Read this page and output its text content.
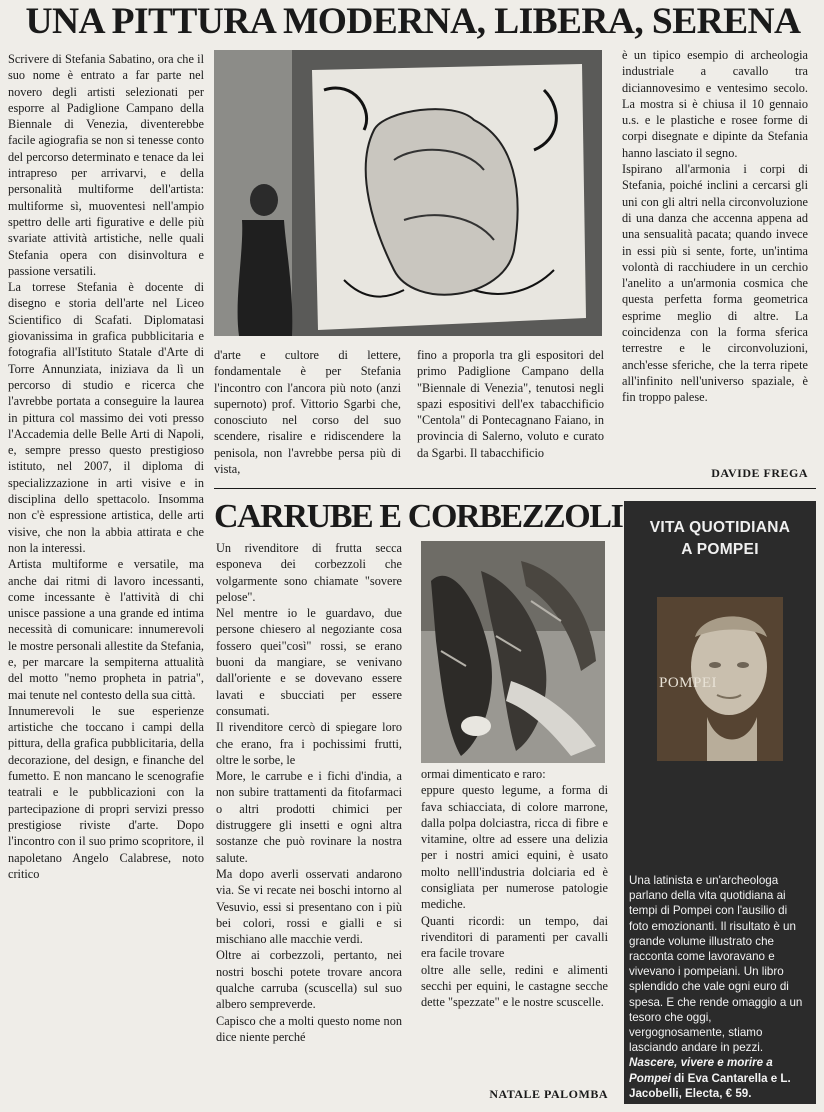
UNA PITTURA MODERNA, LIBERA, SERENA

Scrivere di Stefania Sabatino, ora che il suo nome è entrato a far parte nel novero degli artisti selezionati per esporre al Padiglione Campano della Biennale di Venezia, diventerebbe facile agiografia se non si tenesse conto del percorso determinato e tenace da lei intrapreso per arrivarvi, e della personalità multiforme dell'artista: multiforme sì, muoventesi nell'ampio spettro delle arti figurative e delle più svariate attività artistiche, nelle quali Stefania opera con disinvoltura e passione versatili.

La torrese Stefania è docente di disegno e storia dell'arte nel Liceo Scientifico di Scafati. Diplomatasi giovanissima in grafica pubblicitaria e fotografia all'Istituto Statale d'Arte di Torre Annunziata, iniziava da lì un percorso di studio e ricerca che l'avrebbe portata a conseguire la laurea in pittura col massimo dei voti presso l'Accademia delle Belle Arti di Napoli, e, sempre presso questo prestigioso istituto, nel 2007, il diploma di specializzazione in arti visive e in disciplina dello spettacolo. Insomma non c'è espressione artistica, delle arti visive, che non la abbia attirata e che non la interessi.

Artista multiforme e versatile, ma anche dai ritmi di lavoro incessanti, come incessante è l'attività di chi unisce passione a una grande ed intima necessità di comunicare: innumerevoli le mostre personali allestite da Stefania, e, per marcare la sempiterna attualità del motto "nemo propheta in patria", mai tenute nel contesto della sua città.

Innumerevoli le sue esperienze artistiche che toccano i campi della pittura, della grafica pubblicitaria, della decorazione, del design, e finanche del fumetto. E non mancano le scenografie teatrali e le pubblicazioni con la partecipazione di propri servizi presso prestigiose riviste d'arte. Dopo l'incontro con il suo primo scopritore, il napoletano Angelo Calabrese, noto critico

d'arte e cultore di lettere, fondamentale è per Stefania l'incontro con l'ancora più noto (anzi supernoto) prof. Vittorio Sgarbi che, conosciuto nel corso del suo scendere, risalire e ridiscendere la penisola, non l'avrebbe persa più di vista,
fino a proporla tra gli espositori del primo Padiglione Campano della "Biennale di Venezia", tenutosi negli spazi espositivi dell'ex tabacchificio "Centola" di Pontecagnano Faiano, in provincia di Salerno, voluto e curato da Sgarbi. Il tabacchificio

è un tipico esempio di archeologia industriale a cavallo tra diciannovesimo e ventesimo secolo. La mostra si è chiusa il 10 gennaio u.s. e le plastiche e rosee forme di corpi disegnate e dipinte da Stefania hanno lasciato il segno.

Ispirano all'armonia i corpi di Stefania, poiché inclini a cercarsi gli uni con gli altri nella circonvoluzione di una danza che accenna appena ad una sensualità pacata; quando invece in essi più si sente, forte, un'intima volontà di racchiudere in un cerchio l'anelito a un'armonia cosmica che questa perfetta forma geometrica esprime meglio di altre. La coincidenza con la forma sferica terrestre e le circonvoluzioni, anch'esse sferiche, che la terra ripete all'infinito nell'universo spaziale, è fin troppo palese.

DAVIDE FREGA
CARRUBE E CORBEZZOLI

Un rivenditore di frutta secca esponeva dei corbezzoli che volgarmente sono chiamate "sovere pelose".

Nel mentre io le guardavo, due persone chiesero al negoziante cosa fossero quei"così" rossi, se erano buoni da mangiare, se venivano dall'oriente e se dovevano essere lavati e sbucciati per essere consumati.

Il rivenditore cercò di spiegare loro che erano, fra i pochissimi frutti, oltre le sorbe, le

More, le carrube e i fichi d'india, a non subire trattamenti da fitofarmaci o altri prodotti chimici per distruggere gli insetti e ogni altra sostanze che può rovinare la nostra salute.

Ma dopo averli osservati andarono via. Se vi recate nei boschi intorno al Vesuvio, essi si presentano con i più bei colori, rossi e gialli e si mischiano alle macchie verdi.

Oltre ai corbezzoli, pertanto, nei nostri boschi potete trovare ancora qualche carruba (scuscella) sul suo albero sempreverde.

Capisco che a molti questo nome non dice niente perché

ormai dimenticato e raro:

eppure questo legume, a forma di fava schiacciata, di colore marrone, dalla polpa dolciastra, ricca di fibre e vitamine, oltre ad essere una delizia per i nostri amici equini, è usato molto nelll'industria dolciaria ed è consigliata per numerose patologie mediche.

Quanti ricordi: un tempo, dai rivenditori di paramenti per cavalli era facile trovare

oltre alle selle, redini e alimenti secchi per equini, le castagne secche dette "spezzate" e le nostre scuscelle.

NATALE PALOMBA
VITA QUOTIDIANA
A POMPEI
POMPEI
Una latinista e un'archeologa parlano della vita quotidiana ai tempi di Pompei con l'ausilio di foto emozionanti. Il risultato è un grande volume illustrato che racconta come lavoravano e vivevano i pompeiani. Un libro splendido che vale ogni euro di spesa. E che rende omaggio a un tesoro che oggi, vergognosamente, stiamo lasciando andare in pezzi. Nascere, vivere e morire a Pompei di Eva Cantarella e L. Jacobelli, Electa, € 59.
